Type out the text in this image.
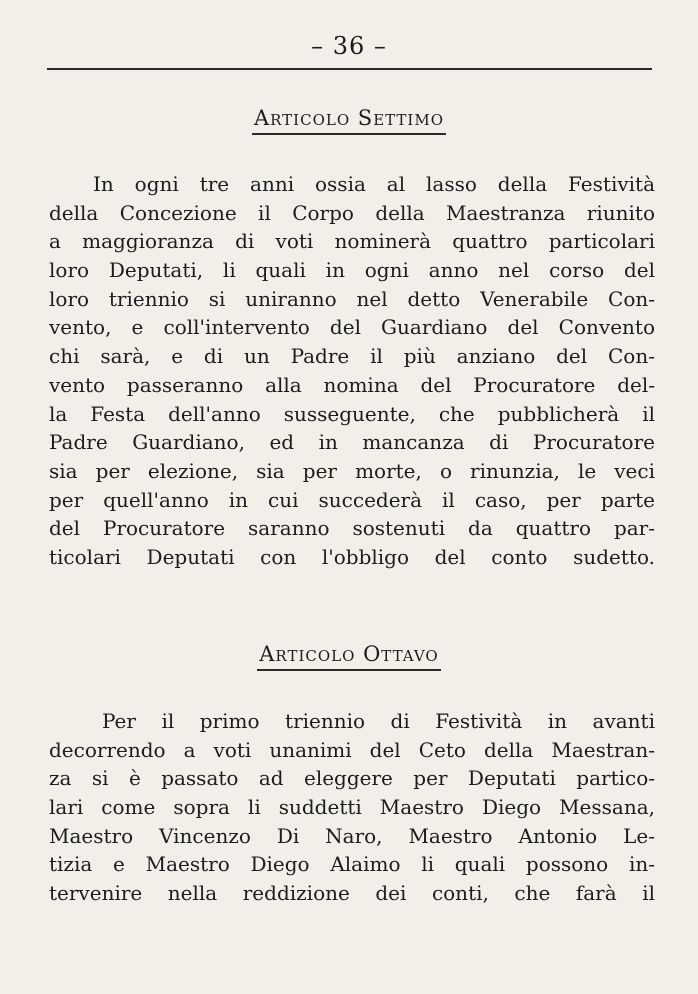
– 36 –
Articolo Settimo
In ogni tre anni ossia al lasso della Festività
della Concezione il Corpo della Maestranza riunito
a maggioranza di voti nominerà quattro particolari
loro Deputati, li quali in ogni anno nel corso del
loro triennio si uniranno nel detto Venerabile Con-
vento, e coll'intervento del Guardiano del Convento
chi sarà, e di un Padre il più anziano del Con-
vento passeranno alla nomina del Procuratore del-
la Festa dell'anno susseguente, che pubblicherà il
Padre Guardiano, ed in mancanza di Procuratore
sia per elezione, sia per morte, o rinunzia, le veci
per quell'anno in cui succederà il caso, per parte
del Procuratore saranno sostenuti da quattro par-
ticolari Deputati con l'obbligo del conto sudetto.
Articolo Ottavo
Per il primo triennio di Festività in avanti
decorrendo a voti unanimi del Ceto della Maestran-
za si è passato ad eleggere per Deputati partico-
lari come sopra li suddetti Maestro Diego Messana,
Maestro Vincenzo Di Naro, Maestro Antonio Le-
tizia e Maestro Diego Alaimo li quali possono in-
tervenire nella reddizione dei conti, che farà il
